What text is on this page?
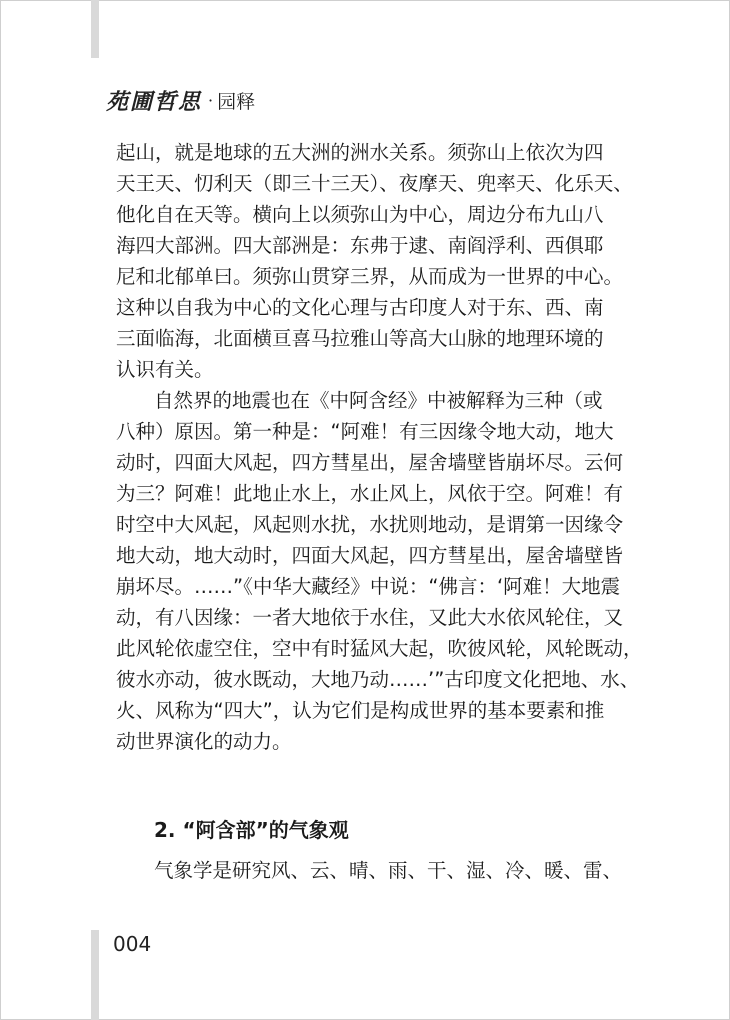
苑圃哲思 · 园释
起山，就是地球的五大洲的洲水关系。须弥山上依次为四
天王天、忉利天（即三十三天）、夜摩天、兜率天、化乐天、
他化自在天等。横向上以须弥山为中心，周边分布九山八
海四大部洲。四大部洲是：东弗于逮、南阎浮利、西俱耶
尼和北郁单曰。须弥山贯穿三界，从而成为一世界的中心。
这种以自我为中心的文化心理与古印度人对于东、西、南
三面临海，北面横亘喜马拉雅山等高大山脉的地理环境的
认识有关。
自然界的地震也在《中阿含经》中被解释为三种（或
八种）原因。第一种是：“阿难！有三因缘令地大动，地大
动时，四面大风起，四方彗星出，屋舍墙壁皆崩坏尽。云何
为三？阿难！此地止水上，水止风上，风依于空。阿难！有
时空中大风起，风起则水扰，水扰则地动，是谓第一因缘令
地大动，地大动时，四面大风起，四方彗星出，屋舍墙壁皆
崩坏尽。……”《中华大藏经》中说：“佛言：‘阿难！大地震
动，有八因缘：一者大地依于水住，又此大水依风轮住，又
此风轮依虚空住，空中有时猛风大起，吹彼风轮，风轮既动，
彼水亦动，彼水既动，大地乃动……’”古印度文化把地、水、
火、风称为“四大”，认为它们是构成世界的基本要素和推
动世界演化的动力。
2. “阿含部”的气象观
气象学是研究风、云、晴、雨、干、湿、冷、暖、雷、
004
